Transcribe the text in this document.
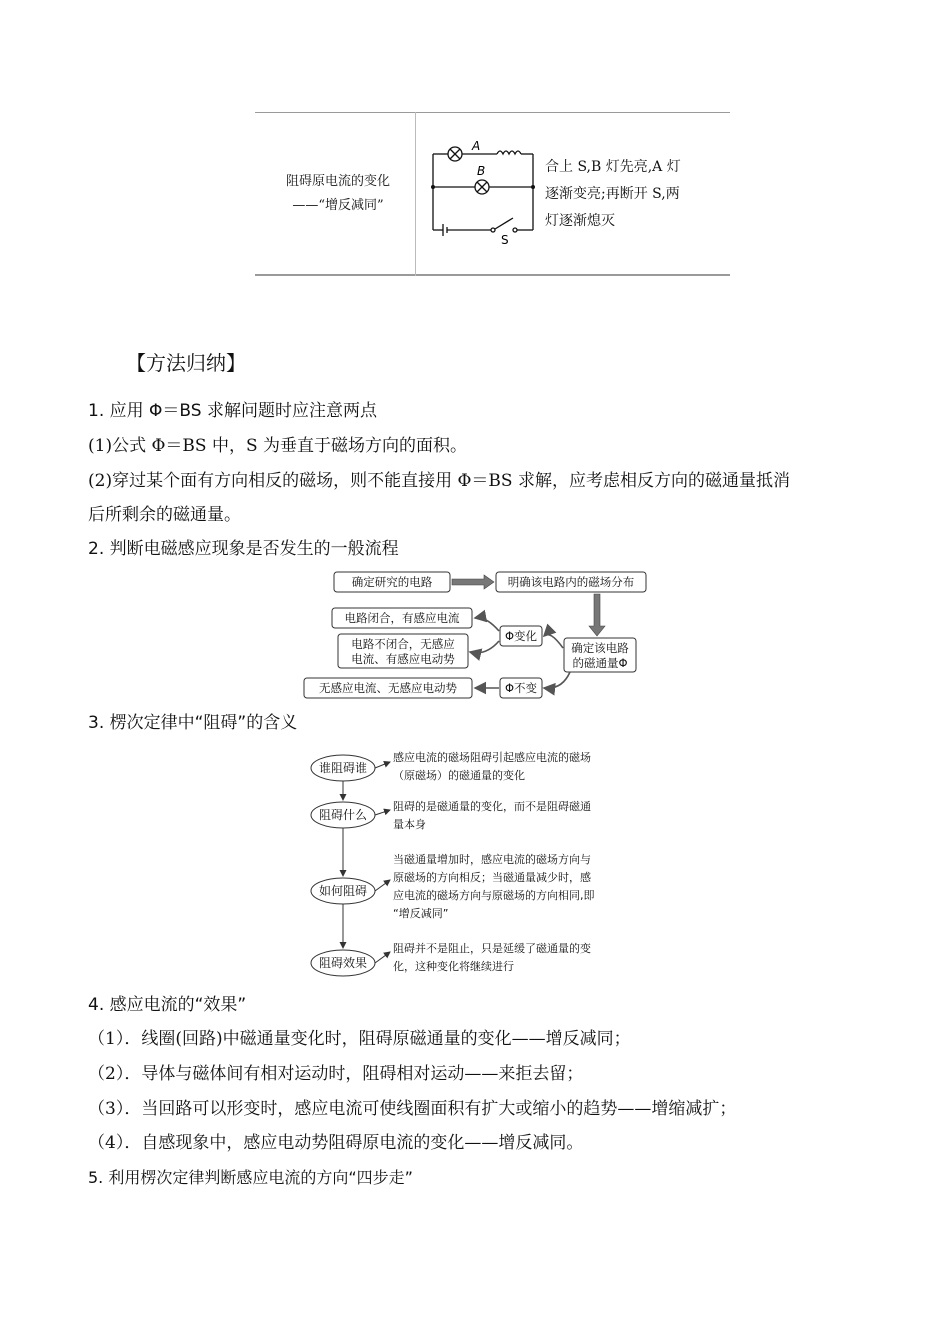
阻碍原电流的变化
——“增反减同”
A
B
S
合上 S,B 灯先亮,A 灯
逐渐变亮;再断开 S,两
灯逐渐熄灭
【方法归纳】
1. 应用 Φ＝BS 求解问题时应注意两点
(1)公式 Φ＝BS 中，S 为垂直于磁场方向的面积。
(2)穿过某个面有方向相反的磁场，则不能直接用 Φ＝BS 求解，应考虑相反方向的磁通量抵消
后所剩余的磁通量。
2. 判断电磁感应现象是否发生的一般流程
确定研究的电路	明确该电路内的磁场分布
确定该电路
的磁通量Φ
Φ变化
Φ不变
电路闭合，有感应电流
电路不闭合，无感应
电流、有感应电动势
无感应电流、无感应电动势
3. 楞次定律中“阻碍”的含义
谁阻碍谁
阻碍什么
如何阻碍
阻碍效果
感应电流的磁场阻碍引起感应电流的磁场
（原磁场）的磁通量的变化
阻碍的是磁通量的变化，而不是阻碍磁通
量本身
当磁通量增加时，感应电流的磁场方向与
原磁场的方向相反；当磁通量减少时，感
应电流的磁场方向与原磁场的方向相同,即
“增反减同”
阻碍并不是阻止，只是延缓了磁通量的变
化，这种变化将继续进行
4. 感应电流的“效果”
（1）．线圈(回路)中磁通量变化时，阻碍原磁通量的变化——增反减同；
（2）．导体与磁体间有相对运动时，阻碍相对运动——来拒去留；
（3）．当回路可以形变时，感应电流可使线圈面积有扩大或缩小的趋势——增缩减扩；
（4）．自感现象中，感应电动势阻碍原电流的变化——增反减同。
5. 利用楞次定律判断感应电流的方向“四步走”
